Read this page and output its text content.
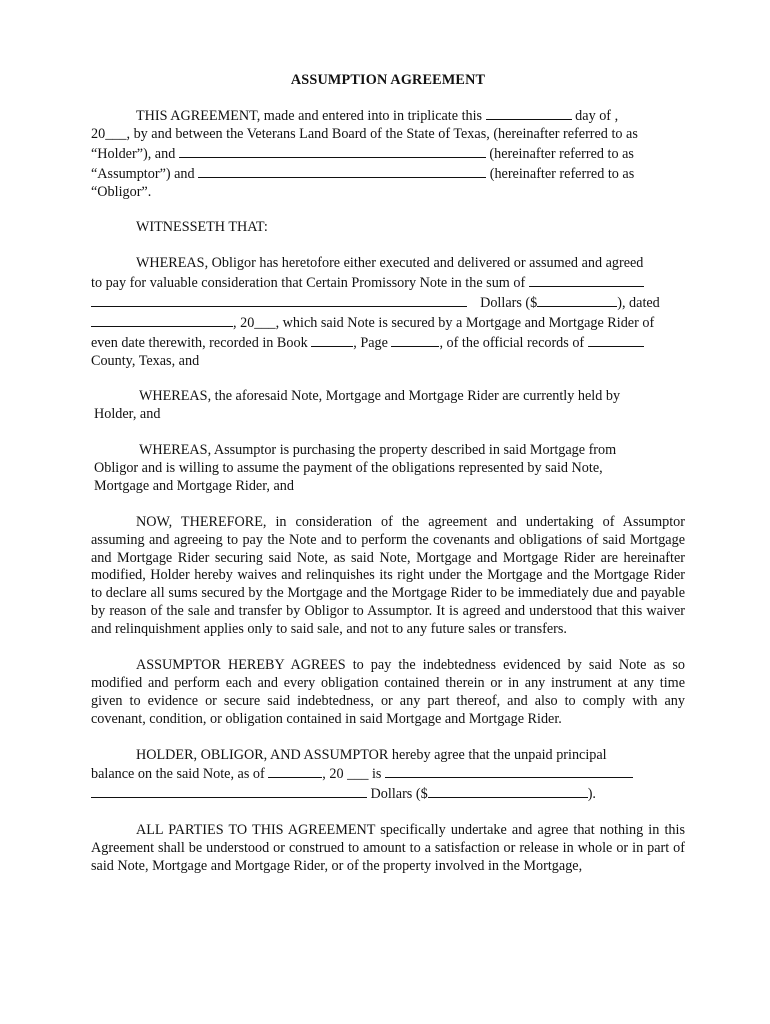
ASSUMPTION AGREEMENT

THIS AGREEMENT, made and entered into in triplicate this	day of ,

20___, by and between the Veterans Land Board of the State of Texas, (hereinafter referred to as

“Holder”), and	(hereinafter referred to as

“Assumptor”) and	(hereinafter referred to as

“Obligor”.

WITNESSETH THAT:

WHEREAS, Obligor has heretofore either executed and delivered or assumed and agreed

to pay for valuable consideration that Certain Promissory Note in the sum of

Dollars ($	), dated

, 20___, which said Note is secured by a Mortgage and Mortgage Rider of

even date therewith, recorded in Book	, Page	, of the official records of

County, Texas, and

WHEREAS, the aforesaid Note, Mortgage and Mortgage Rider are currently held by

Holder, and

WHEREAS, Assumptor is purchasing the property described in said Mortgage from

Obligor and is willing to assume the payment of the obligations represented by said Note,

Mortgage and Mortgage Rider, and

NOW, THEREFORE, in consideration of the agreement and undertaking of Assumptor assuming and agreeing to pay the Note and to perform the covenants and obligations of said Mortgage and Mortgage Rider securing said Note, as said Note, Mortgage and Mortgage Rider are hereinafter modified, Holder hereby waives and relinquishes its right under the Mortgage and the Mortgage Rider to declare all sums secured by the Mortgage and the Mortgage Rider to be immediately due and payable by reason of the sale and transfer by Obligor to Assumptor. It is agreed and understood that this waiver and relinquishment applies only to said sale, and not to any future sales or transfers.

ASSUMPTOR HEREBY AGREES to pay the indebtedness evidenced by said Note as so modified and perform each and every obligation contained therein or in any instrument at any time given to evidence or secure said indebtedness, or any part thereof, and also to comply with any covenant, condition, or obligation contained in said Mortgage and Mortgage Rider.

HOLDER, OBLIGOR, AND ASSUMPTOR hereby agree that the unpaid principal

balance on the said Note, as of	, 20 ___ is

Dollars ($	).

ALL PARTIES TO THIS AGREEMENT specifically undertake and agree that nothing in this Agreement shall be understood or construed to amount to a satisfaction or release in whole or in part of said Note, Mortgage and Mortgage Rider, or of the property involved in the Mortgage,
